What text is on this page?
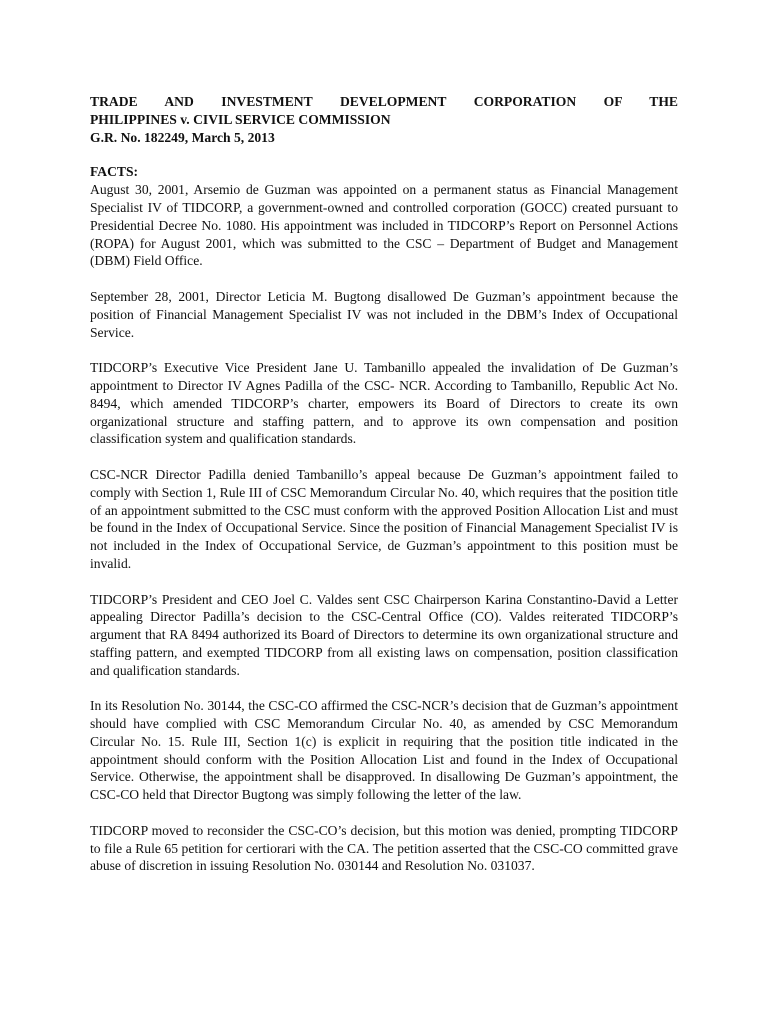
TRADE AND INVESTMENT DEVELOPMENT CORPORATION OF THE

PHILIPPINES v. CIVIL SERVICE COMMISSION

G.R. No. 182249, March 5, 2013

FACTS:

August 30, 2001, Arsemio de Guzman was appointed on a permanent status as Financial Management Specialist IV of TIDCORP, a government-owned and controlled corporation (GOCC) created pursuant to Presidential Decree No. 1080. His appointment was included in TIDCORP’s Report on Personnel Actions (ROPA) for August 2001, which was submitted to the CSC – Department of Budget and Management (DBM) Field Office.

September 28, 2001, Director Leticia M. Bugtong disallowed De Guzman’s appointment because the position of Financial Management Specialist IV was not included in the DBM’s Index of Occupational Service.

TIDCORP’s Executive Vice President Jane U. Tambanillo appealed the invalidation of De Guzman’s appointment to Director IV Agnes Padilla of the CSC- NCR. According to Tambanillo, Republic Act No. 8494, which amended TIDCORP’s charter, empowers its Board of Directors to create its own organizational structure and staffing pattern, and to approve its own compensation and position classification system and qualification standards.

CSC-NCR Director Padilla denied Tambanillo’s appeal because De Guzman’s appointment failed to comply with Section 1, Rule III of CSC Memorandum Circular No. 40, which requires that the position title of an appointment submitted to the CSC must conform with the approved Position Allocation List and must be found in the Index of Occupational Service. Since the position of Financial Management Specialist IV is not included in the Index of Occupational Service, de Guzman’s appointment to this position must be invalid.

TIDCORP’s President and CEO Joel C. Valdes sent CSC Chairperson Karina Constantino-David a Letter appealing Director Padilla’s decision to the CSC-Central Office (CO). Valdes reiterated TIDCORP’s argument that RA 8494 authorized its Board of Directors to determine its own organizational structure and staffing pattern, and exempted TIDCORP from all existing laws on compensation, position classification and qualification standards.

In its Resolution No. 30144, the CSC-CO affirmed the CSC-NCR’s decision that de Guzman’s appointment should have complied with CSC Memorandum Circular No. 40, as amended by CSC Memorandum Circular No. 15. Rule III, Section 1(c) is explicit in requiring that the position title indicated in the appointment should conform with the Position Allocation List and found in the Index of Occupational Service. Otherwise, the appointment shall be disapproved. In disallowing De Guzman’s appointment, the CSC-CO held that Director Bugtong was simply following the letter of the law.

TIDCORP moved to reconsider the CSC-CO’s decision, but this motion was denied, prompting TIDCORP to file a Rule 65 petition for certiorari with the CA. The petition asserted that the CSC-CO committed grave abuse of discretion in issuing Resolution No. 030144 and Resolution No. 031037.
